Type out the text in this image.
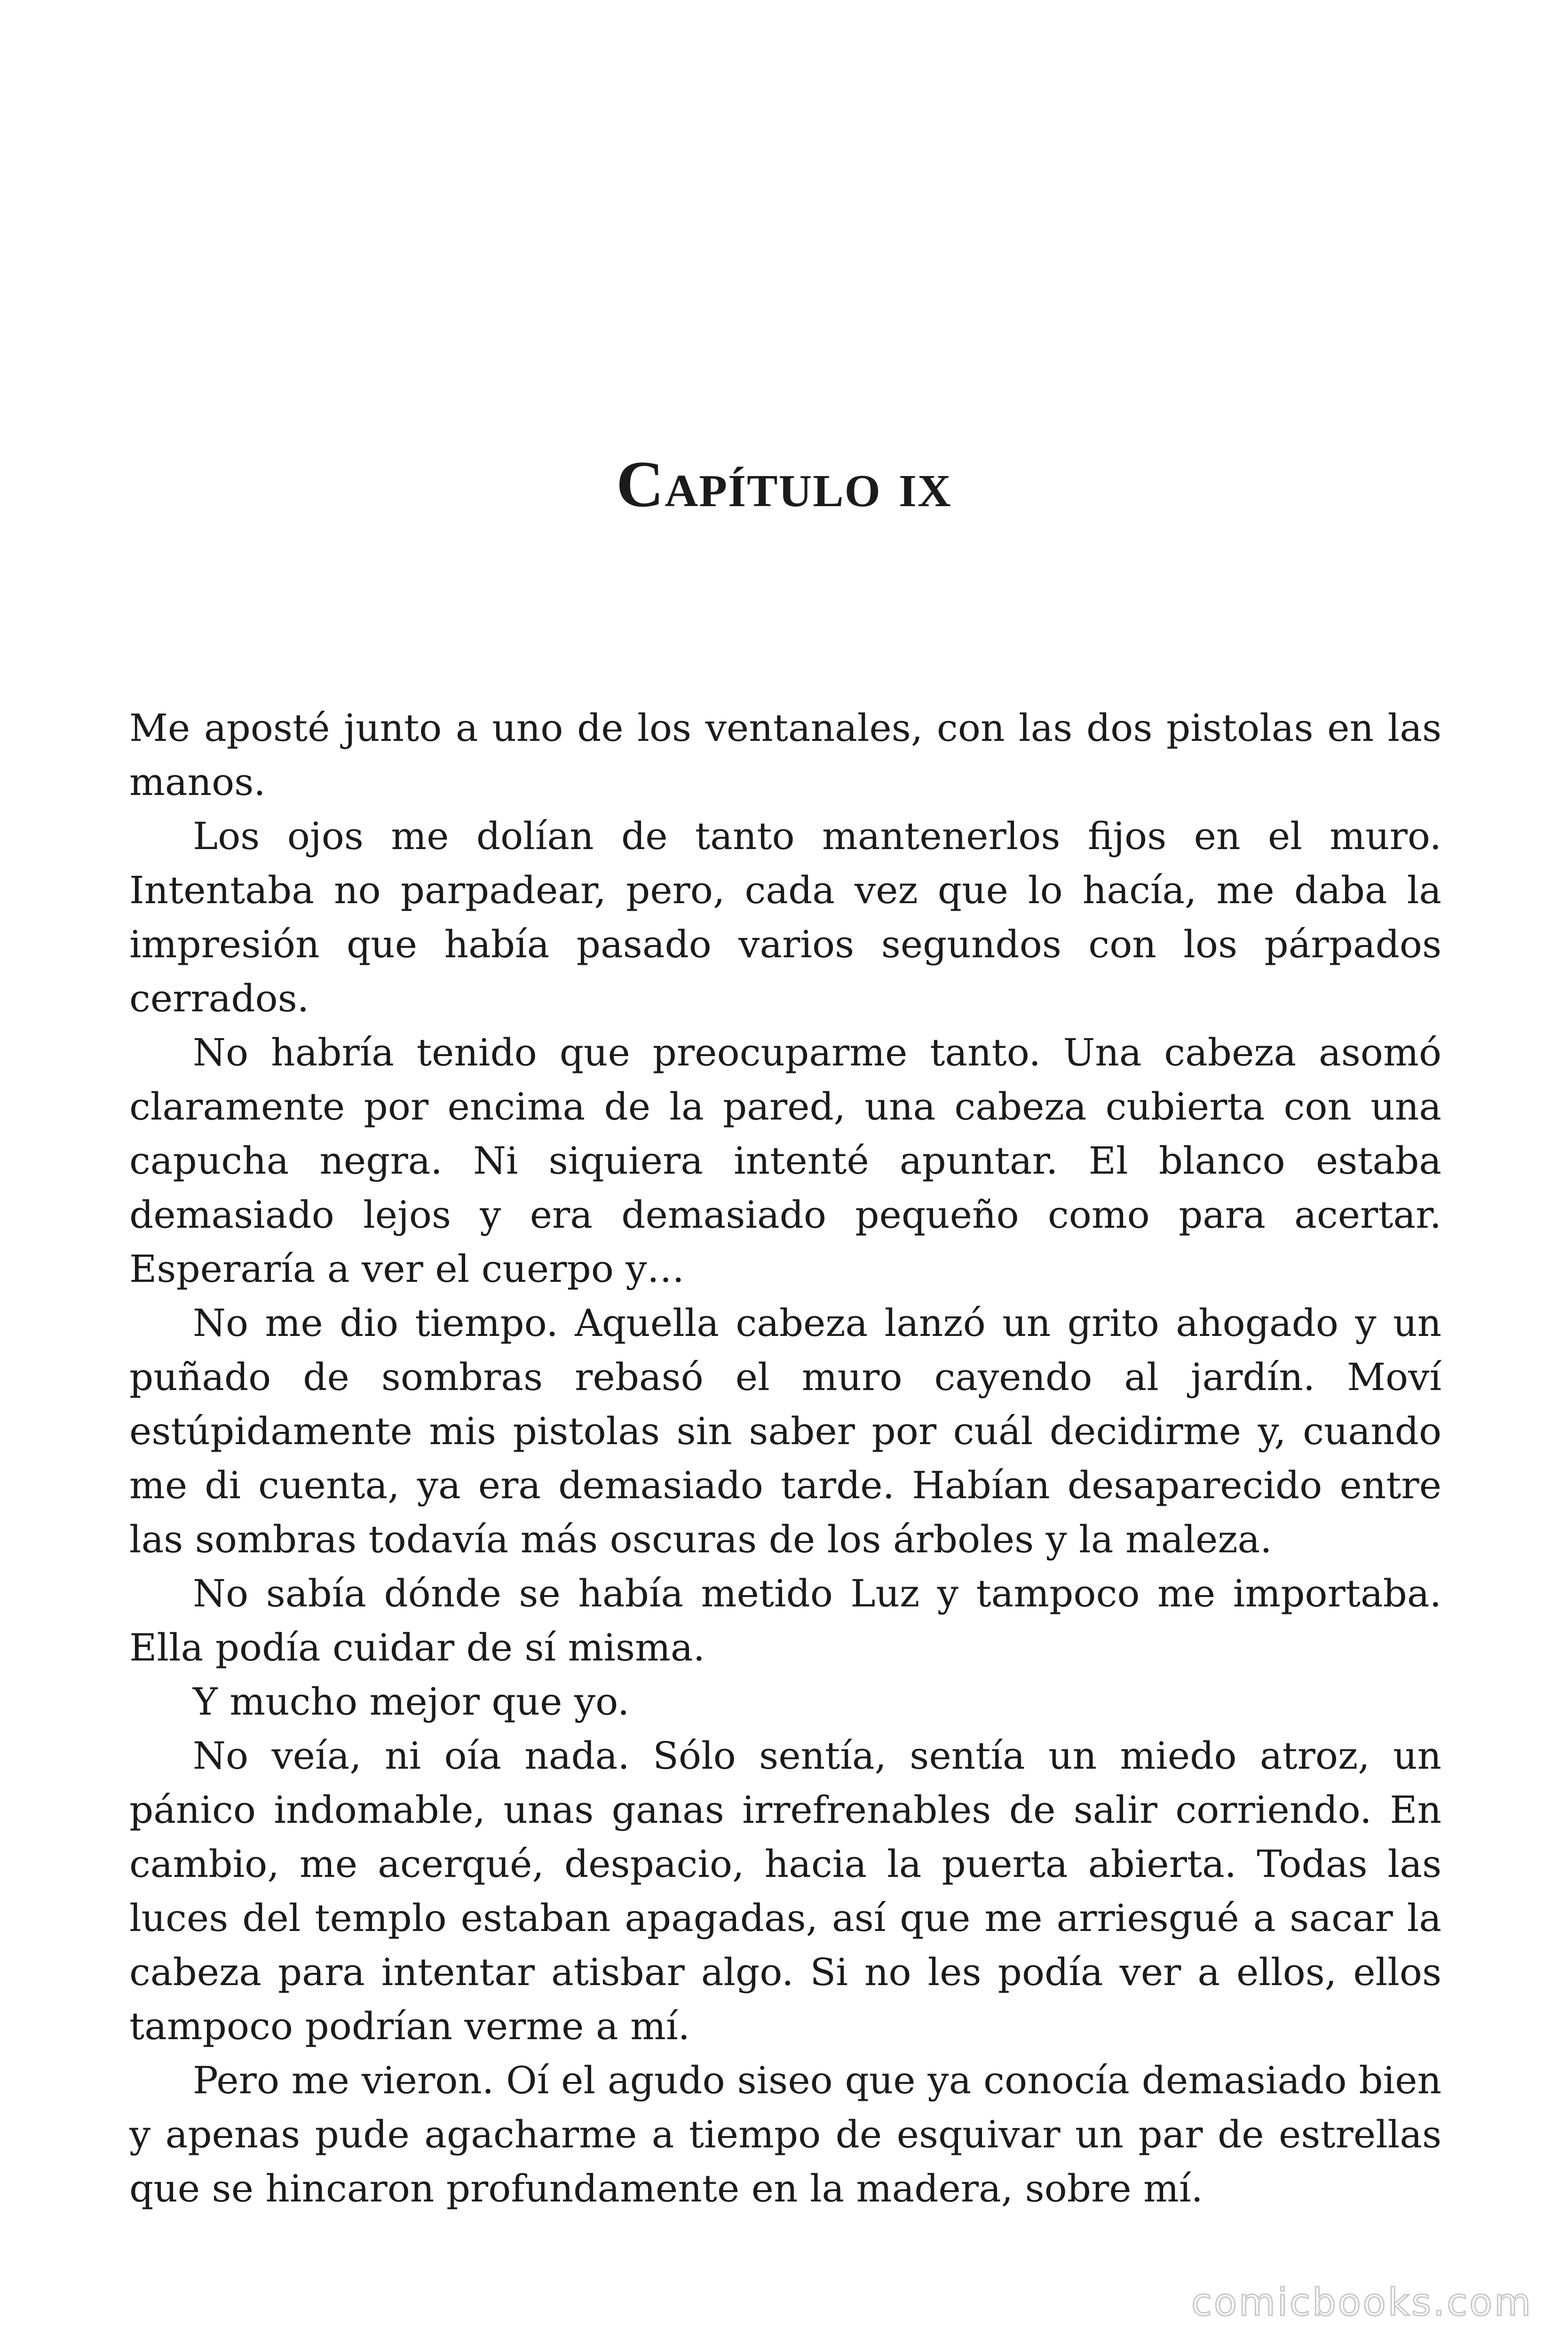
Capítulo ix

Me aposté junto a uno de los ventanales, con las dos pistolas en las manos.

Los ojos me dolían de tanto mantenerlos fijos en el muro. Intentaba no parpadear, pero, cada vez que lo hacía, me daba la impresión que había pasado varios segundos con los párpados cerrados.

No habría tenido que preocuparme tanto. Una cabeza asomó claramente por encima de la pared, una cabeza cubierta con una capucha negra. Ni siquiera intenté apuntar. El blanco estaba demasiado lejos y era demasiado pequeño como para acertar. Esperaría a ver el cuerpo y…

No me dio tiempo. Aquella cabeza lanzó un grito ahogado y un puñado de sombras rebasó el muro cayendo al jardín. Moví estúpidamente mis pistolas sin saber por cuál decidirme y, cuando me di cuenta, ya era demasiado tarde. Habían desaparecido entre las sombras todavía más oscuras de los árboles y la maleza.

No sabía dónde se había metido Luz y tampoco me importaba. Ella podía cuidar de sí misma.

Y mucho mejor que yo.

No veía, ni oía nada. Sólo sentía, sentía un miedo atroz, un pánico indomable, unas ganas irrefrenables de salir corriendo. En cambio, me acerqué, despacio, hacia la puerta abierta. Todas las luces del templo estaban apagadas, así que me arriesgué a sacar la cabeza para intentar atisbar algo. Si no les podía ver a ellos, ellos tampoco podrían verme a mí.

Pero me vieron. Oí el agudo siseo que ya conocía demasiado bien y apenas pude agacharme a tiempo de esquivar un par de estrellas que se hincaron profundamente en la madera, sobre mí.

comicbooks.com
